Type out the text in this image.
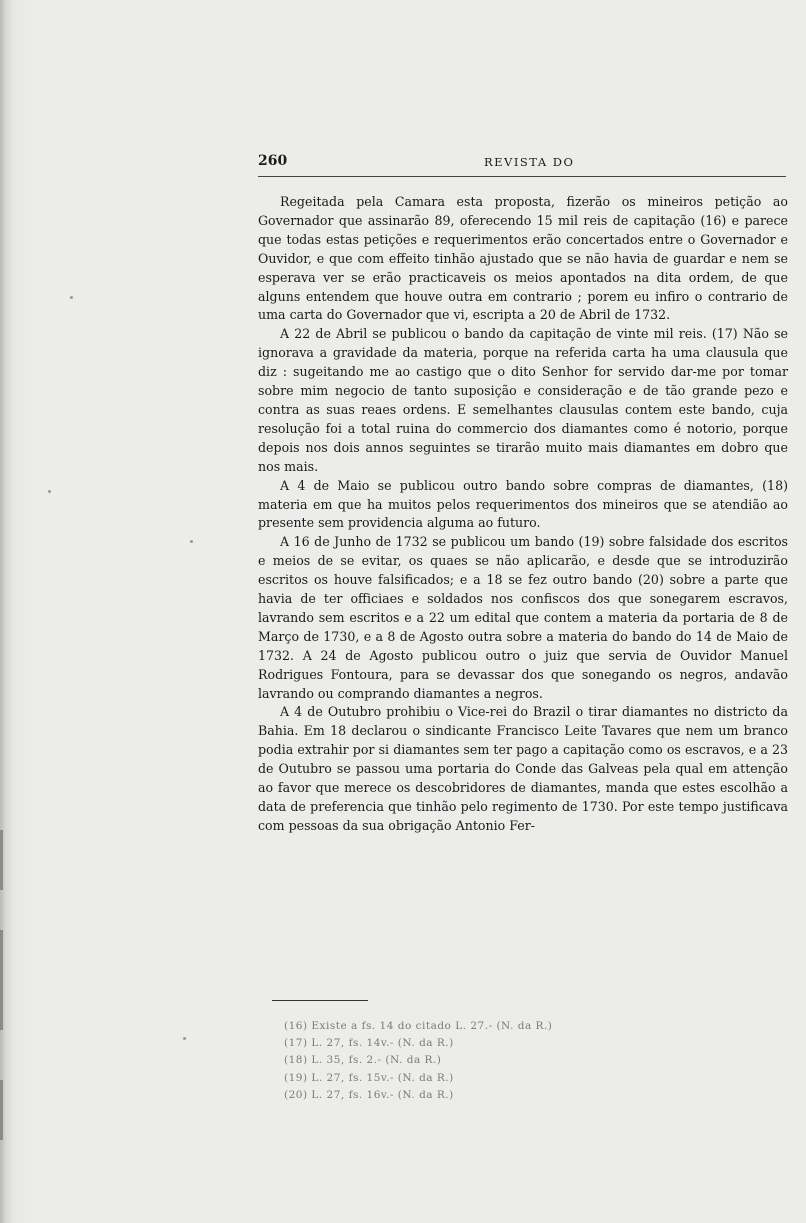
260	REVISTA DO

Regeitada pela Camara esta proposta, fizerão os mineiros petição ao Governador que assinarão 89, oferecendo 15 mil reis de capitação (16) e parece que todas estas petições e requerimentos erão concertados entre o Governador e Ouvidor, e que com effeito tinhão ajustado que se não havia de guardar e nem se esperava ver se erão practicaveis os meios apontados na dita ordem, de que alguns entendem que houve outra em contrario ; porem eu infiro o contrario de uma carta do Governador que vi, escripta a 20 de Abril de 1732.

A 22 de Abril se publicou o bando da capitação de vinte mil reis. (17) Não se ignorava a gravidade da materia, porque na referida carta ha uma clausula que diz : sugeitando me ao castigo que o dito Senhor for servido dar-me por tomar sobre mim negocio de tanto suposição e consideração e de tão grande pezo e contra as suas reaes ordens. E semelhantes clausulas contem este bando, cuja resolução foi a total ruina do commercio dos diamantes como é notorio, porque depois nos dois annos seguintes se tirarão muito mais diamantes em dobro que nos mais.

A 4 de Maio se publicou outro bando sobre compras de diamantes, (18) materia em que ha muitos pelos requerimentos dos mineiros que se atendião ao presente sem providencia alguma ao futuro.

A 16 de Junho de 1732 se publicou um bando (19) sobre falsidade dos escritos e meios de se evitar, os quaes se não aplicarão, e desde que se introduzirão escritos os houve falsificados; e a 18 se fez outro bando (20) sobre a parte que havia de ter officiaes e soldados nos confiscos dos que sonegarem escravos, lavrando sem escritos e a 22 um edital que contem a materia da portaria de 8 de Março de 1730, e a 8 de Agosto outra sobre a materia do bando do 14 de Maio de 1732. A 24 de Agosto publicou outro o juiz que servia de Ouvidor Manuel Rodrigues Fontoura, para se devassar dos que sonegando os negros, andavão lavrando ou comprando diamantes a negros.

A 4 de Outubro prohibiu o Vice-rei do Brazil o tirar diamantes no districto da Bahia. Em 18 declarou o sindicante Francisco Leite Tavares que nem um branco podia extrahir por si diamantes sem ter pago a capitação como os escravos, e a 23 de Outubro se passou uma portaria do Conde das Galveas pela qual em attenção ao favor que merece os descobridores de diamantes, manda que estes escolhão a data de preferencia que tinhão pelo regimento de 1730. Por este tempo justificava com pessoas da sua obrigação Antonio Fer-

(16) Existe a fs. 14 do citado L. 27.- (N. da R.)
(17) L. 27, fs. 14v.- (N. da R.)
(18) L. 35, fs. 2.- (N. da R.)
(19) L. 27, fs. 15v.- (N. da R.)
(20) L. 27, fs. 16v.- (N. da R.)
